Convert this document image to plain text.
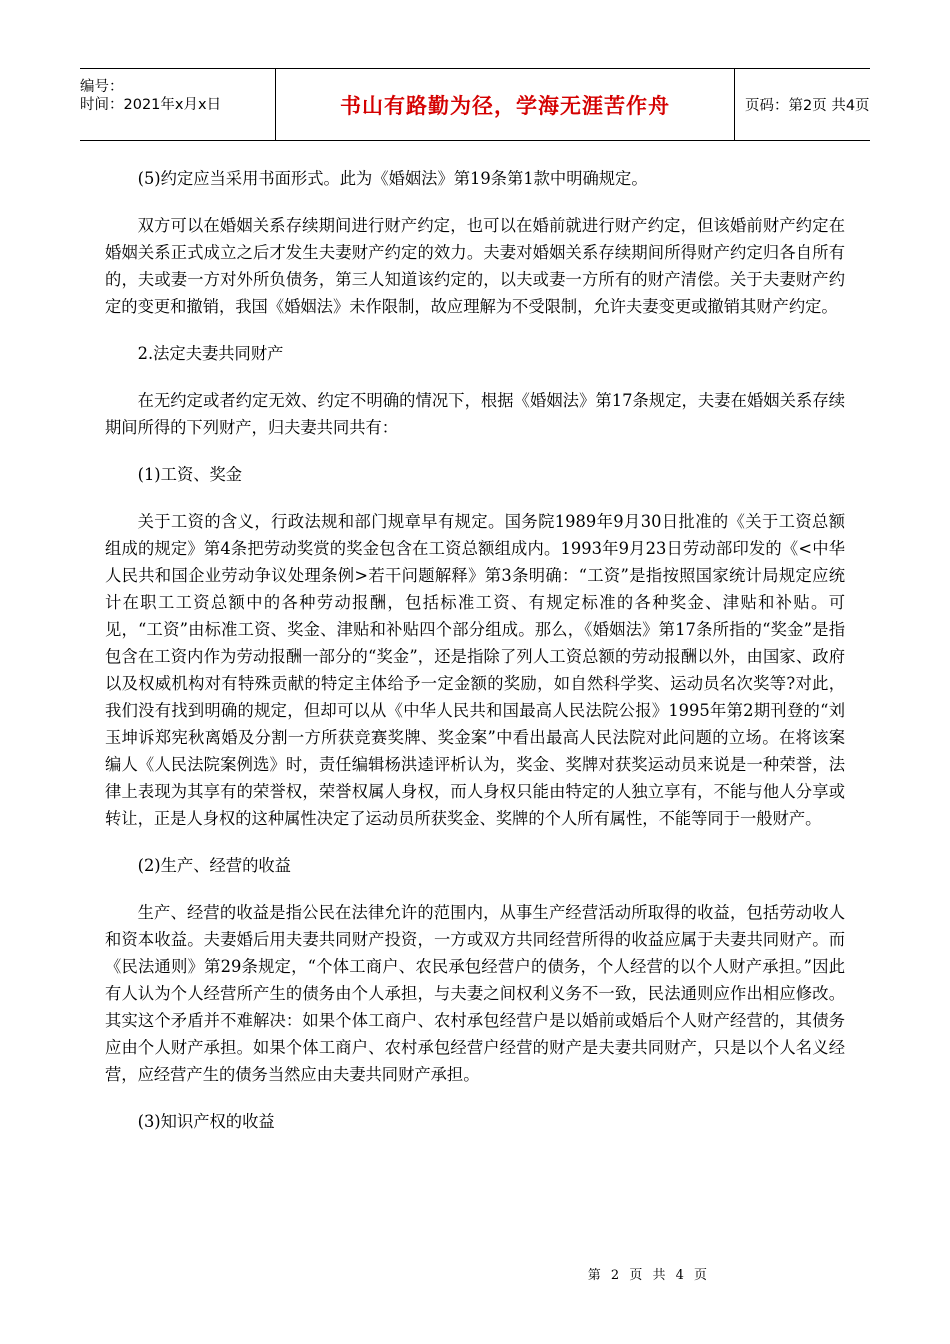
编号：
时间：2021年x月x日	书山有路勤为径，学海无涯苦作舟	页码：第2页 共4页

(5)约定应当采用书面形式。此为《婚姻法》第19条第1款中明确规定。

双方可以在婚姻关系存续期间进行财产约定，也可以在婚前就进行财产约定，但该婚前财产约定在婚姻关系正式成立之后才发生夫妻财产约定的效力。夫妻对婚姻关系存续期间所得财产约定归各自所有的，夫或妻一方对外所负债务，第三人知道该约定的，以夫或妻一方所有的财产清偿。关于夫妻财产约定的变更和撤销，我国《婚姻法》未作限制，故应理解为不受限制，允许夫妻变更或撤销其财产约定。

2.法定夫妻共同财产

在无约定或者约定无效、约定不明确的情况下，根据《婚姻法》第17条规定，夫妻在婚姻关系存续期间所得的下列财产，归夫妻共同共有：

(1)工资、奖金

关于工资的含义，行政法规和部门规章早有规定。国务院1989年9月30日批准的《关于工资总额组成的规定》第4条把劳动奖赏的奖金包含在工资总额组成内。1993年9月23日劳动部印发的《<中华人民共和国企业劳动争议处理条例>若干问题解释》第3条明确：“工资”是指按照国家统计局规定应统计在职工工资总额中的各种劳动报酬，包括标准工资、有规定标准的各种奖金、津贴和补贴。可见，“工资”由标准工资、奖金、津贴和补贴四个部分组成。那么，《婚姻法》第17条所指的“奖金”是指包含在工资内作为劳动报酬一部分的“奖金”，还是指除了列人工资总额的劳动报酬以外，由国家、政府以及权威机构对有特殊贡献的特定主体给予一定金额的奖励，如自然科学奖、运动员名次奖等?对此，我们没有找到明确的规定，但却可以从《中华人民共和国最高人民法院公报》1995年第2期刊登的“刘玉坤诉郑宪秋离婚及分割一方所获竞赛奖牌、奖金案”中看出最高人民法院对此问题的立场。在将该案编人《人民法院案例选》时，责任编辑杨洪逵评析认为，奖金、奖牌对获奖运动员来说是一种荣誉，法律上表现为其享有的荣誉权，荣誉权属人身权，而人身权只能由特定的人独立享有，不能与他人分享或转让，正是人身权的这种属性决定了运动员所获奖金、奖牌的个人所有属性，不能等同于一般财产。

(2)生产、经营的收益

生产、经营的收益是指公民在法律允许的范围内，从事生产经营活动所取得的收益，包括劳动收人和资本收益。夫妻婚后用夫妻共同财产投资，一方或双方共同经营所得的收益应属于夫妻共同财产。而《民法通则》第29条规定，“个体工商户、农民承包经营户的债务，个人经营的以个人财产承担。”因此有人认为个人经营所产生的债务由个人承担，与夫妻之间权利义务不一致，民法通则应作出相应修改。其实这个矛盾并不难解决：如果个体工商户、农村承包经营户是以婚前或婚后个人财产经营的，其债务应由个人财产承担。如果个体工商户、农村承包经营户经营的财产是夫妻共同财产，只是以个人名义经营，应经营产生的债务当然应由夫妻共同财产承担。

(3)知识产权的收益

第 2 页 共 4 页
